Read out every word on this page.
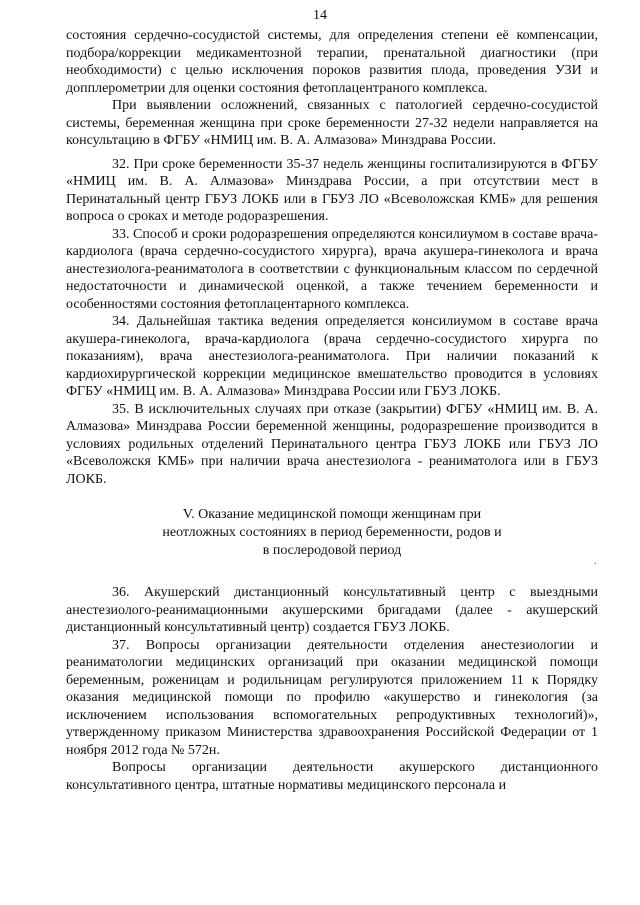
14

состояния сердечно-сосудистой системы, для определения степени её компенсации, подбора/коррекции медикаментозной терапии, пренатальной диагностики (при необходимости) с целью исключения пороков развития плода, проведения УЗИ и допплерометрии для оценки состояния фетоплацентраного комплекса.

При выявлении осложнений, связанных с патологией сердечно-сосудистой системы, беременная женщина при сроке беременности 27-32 недели направляется на консультацию в ФГБУ «НМИЦ им. В. А. Алмазова» Минздрава России.

32. При сроке беременности 35-37 недель женщины госпитализируются в ФГБУ «НМИЦ им. В. А. Алмазова» Минздрава России, а при отсутствии мест в Перинатальный центр ГБУЗ ЛОКБ или в ГБУЗ ЛО «Всеволожская КМБ» для решения вопроса о сроках и методе родоразрешения.

33. Способ и сроки родоразрешения определяются консилиумом в составе врача-кардиолога (врача сердечно-сосудистого хирурга), врача акушера-гинеколога и врача анестезиолога-реаниматолога в соответствии с функциональным классом по сердечной недостаточности и динамической оценкой, а также течением беременности и особенностями состояния фетоплацентарного комплекса.

34. Дальнейшая тактика ведения определяется консилиумом в составе врача акушера-гинеколога, врача-кардиолога (врача сердечно-сосудистого хирурга по показаниям), врача анестезиолога-реаниматолога. При наличии показаний к кардиохирургической коррекции медицинское вмешательство проводится в условиях ФГБУ «НМИЦ им. В. А. Алмазова» Минздрава России или ГБУЗ ЛОКБ.

35. В исключительных случаях при отказе (закрытии) ФГБУ «НМИЦ им. В. А. Алмазова» Минздрава России беременной женщины, родоразрешение производится в условиях родильных отделений Перинатального центра ГБУЗ ЛОКБ или ГБУЗ ЛО «Всеволожскя КМБ» при наличии врача анестезиолога - реаниматолога или в ГБУЗ ЛОКБ.

V. Оказание медицинской помощи женщинам при

неотложных состояниях в период беременности, родов и

в послеродовой период

36. Акушерский дистанционный консультативный центр с выездными анестезиолого-реанимационными акушерскими бригадами (далее - акушерский дистанционный консультативный центр) создается ГБУЗ ЛОКБ.

37. Вопросы организации деятельности отделения анестезиологии и реаниматологии медицинских организаций при оказании медицинской помощи беременным, роженицам и родильницам регулируются приложением 11 к Порядку оказания медицинской помощи по профилю «акушерство и гинекология (за исключением использования вспомогательных репродуктивных технологий)», утвержденному приказом Министерства здравоохранения Российской Федерации от 1 ноября 2012 года № 572н.

Вопросы организации деятельности акушерского дистанционного консультативного центра, штатные нормативы медицинского персонала и

.
